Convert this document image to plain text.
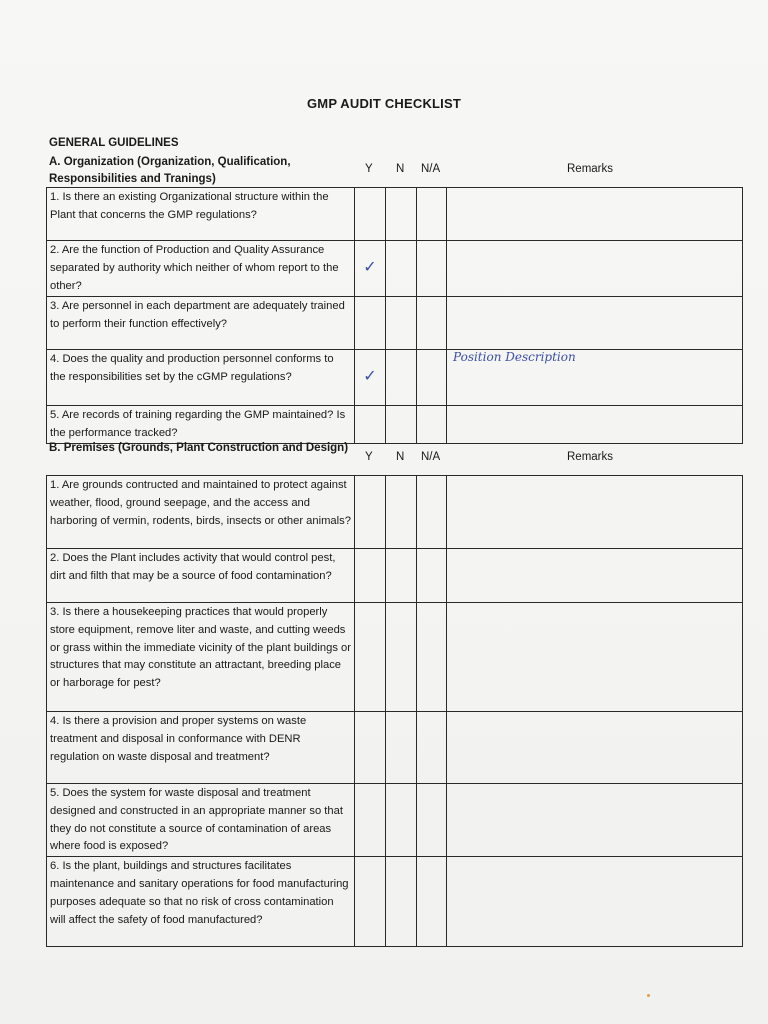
GMP AUDIT CHECKLIST
GENERAL GUIDELINES
A. Organization (Organization, Qualification, Responsibilities and Tranings)
Y N N/A	Remarks
1. Is there an existing Organizational structure within the Plant that concerns the GMP regulations?				

2. Are the function of Production and Quality Assurance separated by authority which neither of whom report to the other?	✓			

3. Are personnel in each department are adequately trained to perform their function effectively?				

4. Does the quality and production personnel conforms to the responsibilities set by the cGMP regulations?	✓			Position Description

5. Are records of training regarding the GMP maintained? Is the performance tracked?				
B. Premises (Grounds, Plant Construction and Design)
Y N N/A	Remarks
1. Are grounds contructed and maintained to protect against weather, flood, ground seepage, and the access and harboring of vermin, rodents, birds, insects or other animals?				

2. Does the Plant includes activity that would control pest, dirt and filth that may be a source of food contamination?				

3. Is there a housekeeping practices that would properly store equipment, remove liter and waste, and cutting weeds or grass within the immediate vicinity of the plant buildings or structures that may constitute an attractant, breeding place or harborage for pest?				

4. Is there a provision and proper systems on waste treatment and disposal in conformance with DENR regulation on waste disposal and treatment?				

5. Does the system for waste disposal and treatment designed and constructed in an appropriate manner so that they do not constitute a source of contamination of areas where food is exposed?				

6. Is the plant, buildings and structures facilitates maintenance and sanitary operations for food manufacturing purposes adequate so that no risk of cross contamination will affect the safety of food manufactured?				
